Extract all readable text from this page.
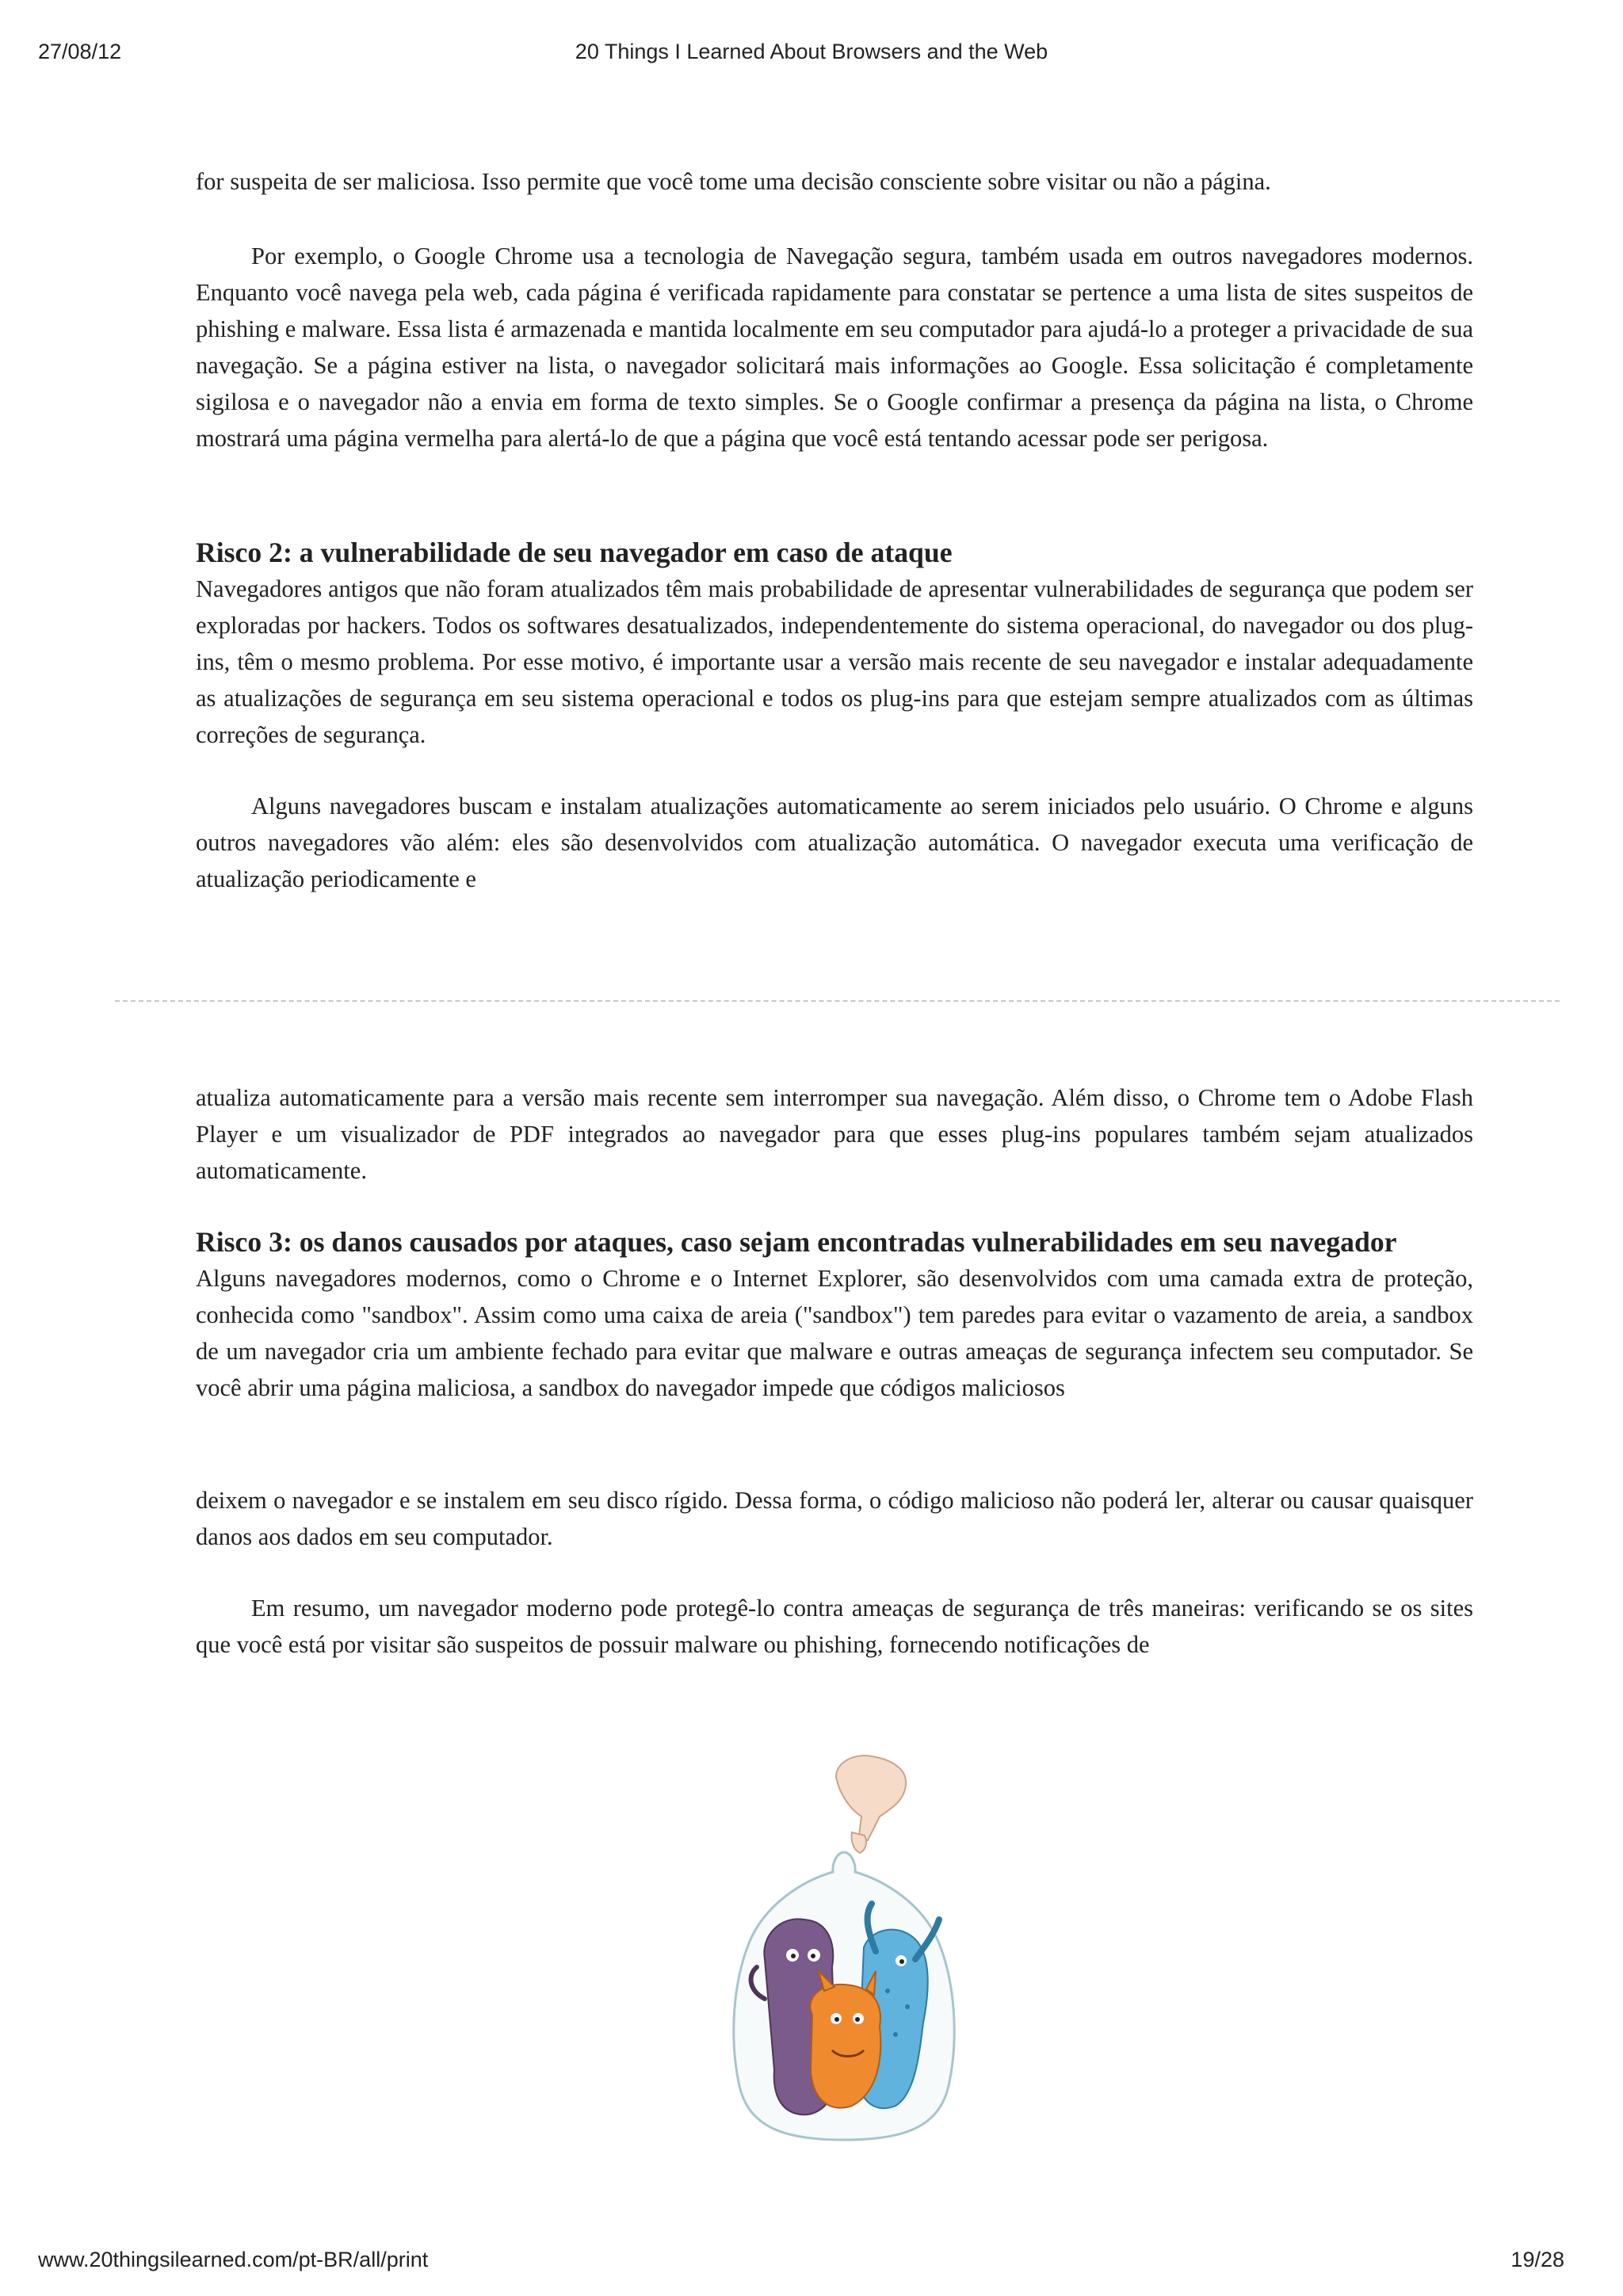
27/08/12	20 Things I Learned About Browsers and the Web

for suspeita de ser maliciosa. Isso permite que você tome uma decisão consciente sobre visitar ou não a página.

Por exemplo, o Google Chrome usa a tecnologia de Navegação segura, também usada em outros navegadores modernos. Enquanto você navega pela web, cada página é verificada rapidamente para constatar se pertence a uma lista de sites suspeitos de phishing e malware. Essa lista é armazenada e mantida localmente em seu computador para ajudá-lo a proteger a privacidade de sua navegação. Se a página estiver na lista, o navegador solicitará mais informações ao Google. Essa solicitação é completamente sigilosa e o navegador não a envia em forma de texto simples. Se o Google confirmar a presença da página na lista, o Chrome mostrará uma página vermelha para alertá-lo de que a página que você está tentando acessar pode ser perigosa.

Risco 2: a vulnerabilidade de seu navegador em caso de ataque

Navegadores antigos que não foram atualizados têm mais probabilidade de apresentar vulnerabilidades de segurança que podem ser exploradas por hackers. Todos os softwares desatualizados, independentemente do sistema operacional, do navegador ou dos plug-ins, têm o mesmo problema. Por esse motivo, é importante usar a versão mais recente de seu navegador e instalar adequadamente as atualizações de segurança em seu sistema operacional e todos os plug-ins para que estejam sempre atualizados com as últimas correções de segurança.

Alguns navegadores buscam e instalam atualizações automaticamente ao serem iniciados pelo usuário. O Chrome e alguns outros navegadores vão além: eles são desenvolvidos com atualização automática. O navegador executa uma verificação de atualização periodicamente e

atualiza automaticamente para a versão mais recente sem interromper sua navegação. Além disso, o Chrome tem o Adobe Flash Player e um visualizador de PDF integrados ao navegador para que esses plug-ins populares também sejam atualizados automaticamente.

Risco 3: os danos causados por ataques, caso sejam encontradas vulnerabilidades em seu navegador

Alguns navegadores modernos, como o Chrome e o Internet Explorer, são desenvolvidos com uma camada extra de proteção, conhecida como "sandbox". Assim como uma caixa de areia ("sandbox") tem paredes para evitar o vazamento de areia, a sandbox de um navegador cria um ambiente fechado para evitar que malware e outras ameaças de segurança infectem seu computador. Se você abrir uma página maliciosa, a sandbox do navegador impede que códigos maliciosos

deixem o navegador e se instalem em seu disco rígido. Dessa forma, o código malicioso não poderá ler, alterar ou causar quaisquer danos aos dados em seu computador.

Em resumo, um navegador moderno pode protegê-lo contra ameaças de segurança de três maneiras: verificando se os sites que você está por visitar são suspeitos de possuir malware ou phishing, fornecendo notificações de

www.20thingsilearned.com/pt-BR/all/print	19/28
